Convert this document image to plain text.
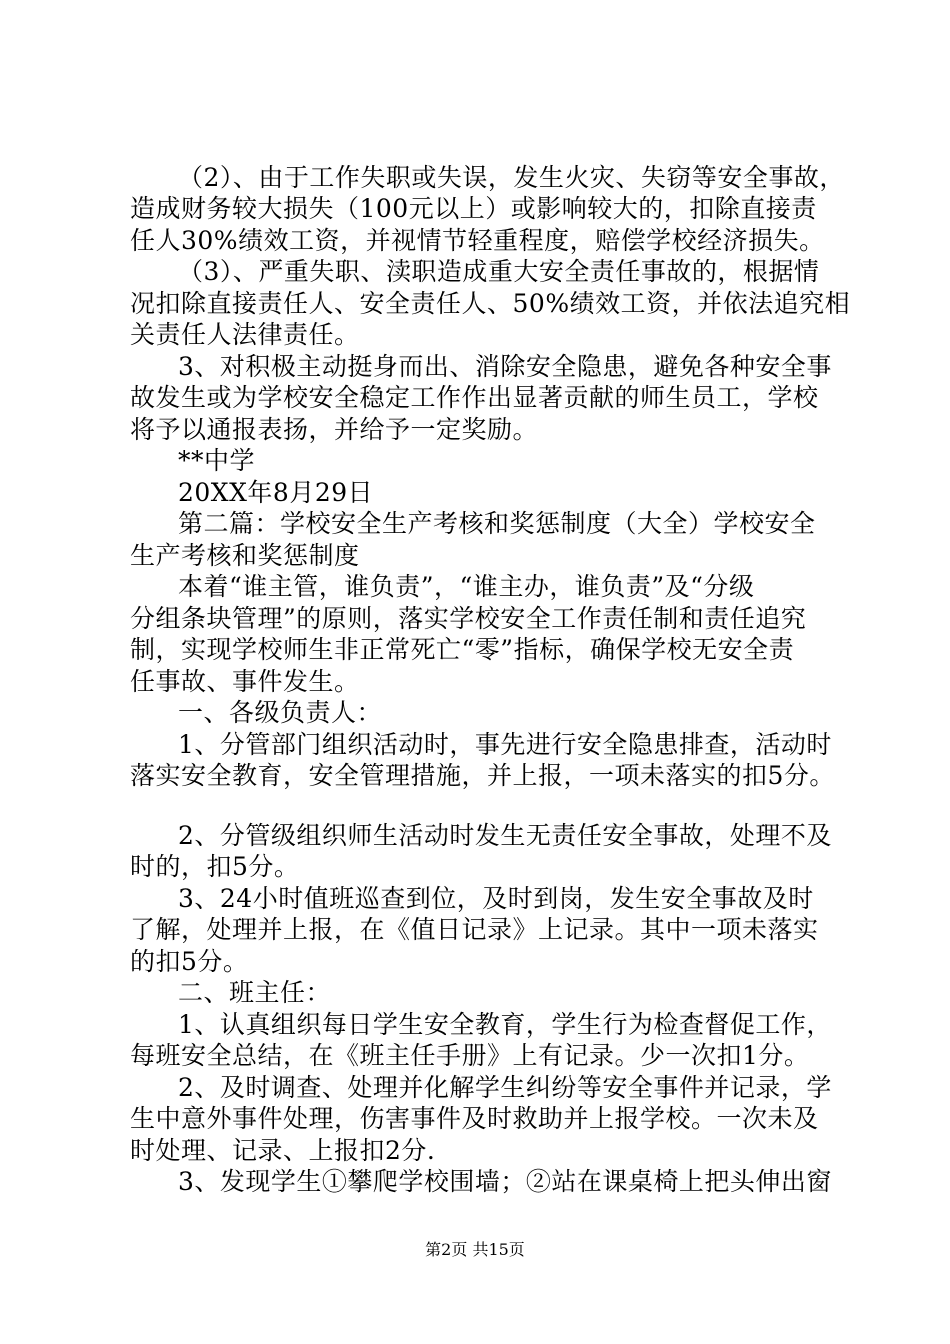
（2）、由于工作失职或失误，发生火灾、失窃等安全事故，
造成财务较大损失（100元以上）或影响较大的，扣除直接责
任人30%绩效工资，并视情节轻重程度，赔偿学校经济损失。
（3）、严重失职、渎职造成重大安全责任事故的，根据情
况扣除直接责任人、安全责任人、50%绩效工资，并依法追究相
关责任人法律责任。
3、对积极主动挺身而出、消除安全隐患，避免各种安全事
故发生或为学校安全稳定工作作出显著贡献的师生员工，学校
将予以通报表扬，并给予一定奖励。
**中学
20XX年8月29日
第二篇：学校安全生产考核和奖惩制度（大全）学校安全
生产考核和奖惩制度
本着“谁主管，谁负责”，“谁主办，谁负责”及“分级
分组条块管理”的原则，落实学校安全工作责任制和责任追究
制，实现学校师生非正常死亡“零”指标，确保学校无安全责
任事故、事件发生。
一、各级负责人：
1、分管部门组织活动时，事先进行安全隐患排查，活动时
落实安全教育，安全管理措施，并上报，一项未落实的扣5分。
2、分管级组织师生活动时发生无责任安全事故，处理不及
时的，扣5分。
3、24小时值班巡查到位，及时到岗，发生安全事故及时
了解，处理并上报，在《值日记录》上记录。其中一项未落实
的扣5分。
二、班主任：
1、认真组织每日学生安全教育，学生行为检查督促工作，
每班安全总结，在《班主任手册》上有记录。少一次扣1分。
2、及时调查、处理并化解学生纠纷等安全事件并记录，学
生中意外事件处理，伤害事件及时救助并上报学校。一次未及
时处理、记录、上报扣2分.
3、发现学生①攀爬学校围墙；②站在课桌椅上把头伸出窗
第2页 共15页
